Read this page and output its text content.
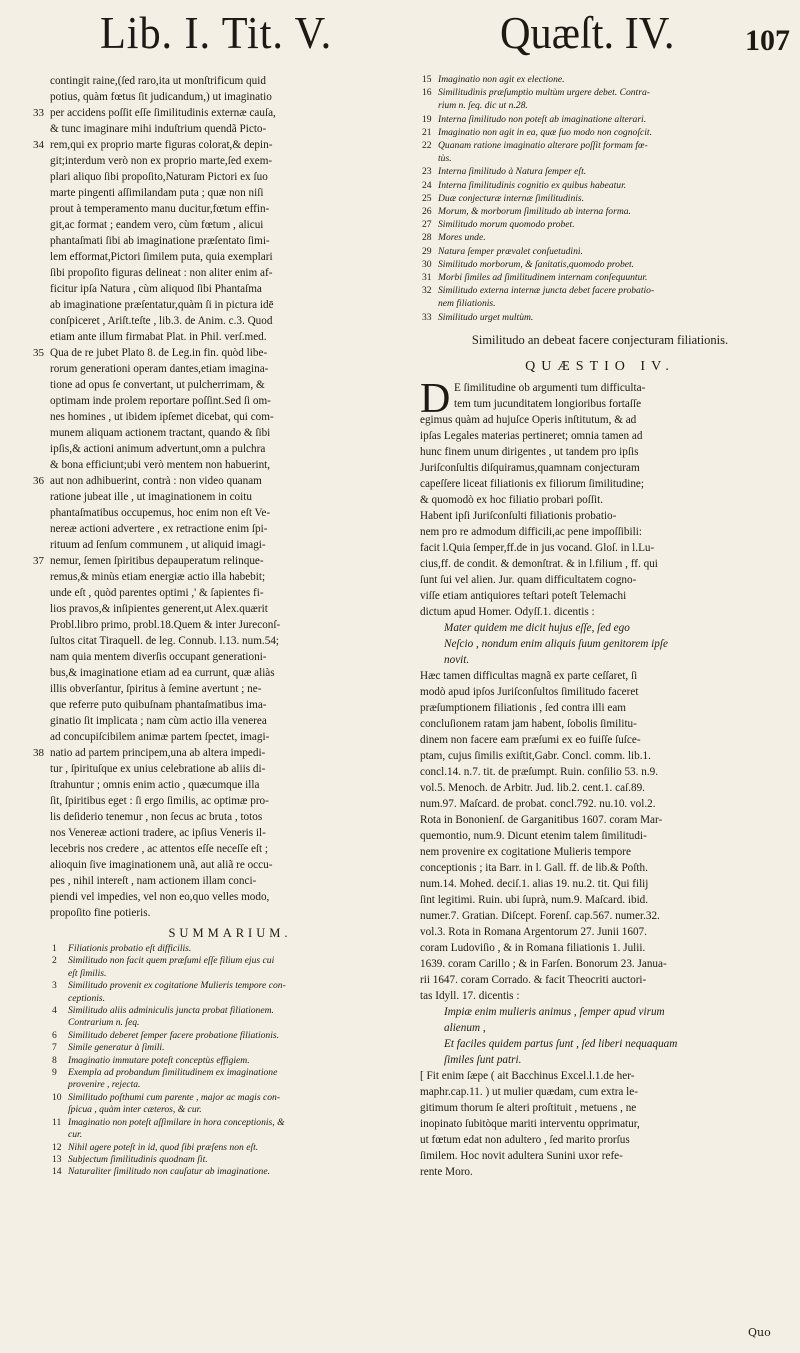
Lib. I. Tit. V.	Quæſt. IV. 107
contingit raine,(ſed raro,ita ut monſtrificum quid
potius, quàm fœtus ſit judicandum,) ut imaginatio
33 per accidens poſſit eſſe ſimilitudinis externæ cauſa,
& tunc imaginare mihi induſtrium quendã Picto-
34 rem,qui ex proprio marte figuras colorat,& depin-
git;interdum verò non ex proprio marte,ſed exem-
plari aliquo ſibi propoſito,Naturam Pictori ex ſuo
marte pingenti aſſimilandam puta ; quæ non niſi
prout à temperamento manu ducitur,fœtum effin-
git,ac format ; eandem vero, cùm fœtum , alicui
phantaſmati ſibi ab imaginatione præſentato ſimi-
lem efformat,Pictori ſimilem puta, quia exemplari
ſibi propoſito figuras delineat : non aliter enim af-
ficitur ipſa Natura , cùm aliquod ſibi Phantaſma
ab imaginatione præſentatur,quàm ſi in pictura idē
conſpiceret , Ariſt.teſte , lib.3. de Anim. c.3. Quod
etiam ante illum firmabat Plat. in Phil. verſ.med.
35 Qua de re jubet Plato 8. de Leg.in fin. quòd libe-
rorum generationi operam dantes,etiam imagina-
tione ad opus ſe convertant, ut pulcherrimam, &
optimam inde prolem reportare poſſint.Sed ſi om-
nes homines , ut ibidem ipſemet dicebat, qui com-
munem aliquam actionem tractant, quando & ſibi
ipſis,& actioni animum advertunt,omn a pulchra
& bona efficiunt;ubi verò mentem non habuerint,
36 aut non adhibuerint, contrà : non video quanam
ratione jubeat ille , ut imaginationem in coitu
phantaſmatibus occupemus, hoc enim non eſt Ve-
nereæ actioni advertere , ex retractione enim ſpi-
rituum ad ſenſum communem , ut aliquid imagi-
37 nemur, ſemen ſpiritibus depauperatum relinque-
remus,& minùs etiam energiæ actio illa habebit;
unde eſt , quòd parentes optimi ,' & ſapientes fi-
lios pravos,& inſipientes generent,ut Alex.quærit
Probl.libro primo, probl.18.Quem & inter Jureconſ-
ſultos citat Tiraquell. de leg. Connub. l.13. num.54;
nam quia mentem diverſis occupant generationi-
bus,& imaginatione etiam ad ea currunt, quæ aliàs
illis obverſantur, ſpiritus à ſemine avertunt ; ne-
que referre puto quibuſnam phantaſmatibus ima-
ginatio ſit implicata ; nam cùm actio illa venerea
ad concupiſcibilem animæ partem ſpectet, imagi-
38 natio ad partem principem,una ab altera impedi-
tur , ſpirituſque ex unius celebratione ab aliis di-
ſtrahuntur ; omnis enim actio , quæcumque illa
ſit, ſpiritibus eget : ſi ergo ſimilis, ac optimæ pro-
lis deſiderio tenemur , non ſecus ac bruta , totos
nos Venereæ actioni tradere, ac ipſius Veneris il-
lecebris nos credere , ac attentos eſſe neceſſe eſt ;
alioquin ſive imaginationem unã, aut aliã re occu-
pes , nihil intereſt , nam actionem illam conci-
piendi vel impedies, vel non eo,quo velles modo,
propoſito fine potieris.
SUMMARIUM.
1 Filiationis probatio eſt difficilis.
2 Similitudo non facit quem præſumi eſſe filium ejus cui
eſt ſimilis.
3 Similitudo provenit ex cogitatione Mulieris tempore con-
ceptionis.
4 Similitudo aliis adminiculis juncta probat filiationem.
Contrarium n. ſeq.
6 Similitudo deberet ſemper facere probatione filiationis.
7 Simile generatur à ſimili.
8 Imaginatio immutare poteſt conceptùs effigiem.
9 Exempla ad probandum ſimilitudinem ex imaginatione
provenire , rejecta.
10 Similitudo poſthumi cum parente , major ac magis con-
ſpicua , quàm inter cæteros, & cur.
11 Imaginatio non poteſt aſſimilare in hora conceptionis, &
cur.
12 Nihil agere poteſt in id, quod ſibi præſens non eſt.
13 Subjectum ſimilitudinis quodnam ſit.
14 Naturaliter ſimilitudo non cauſatur ab imaginatione.
15 Imaginatio non agit ex electione.
16 Similitudinis præſumptio multùm urgere debet. Contra-
rium n. ſeq. dic ut n.28.
19 Interna ſimilitudo non poteſt ab imaginatione alterari.
21 Imaginatio non agit in ea, quæ ſuo modo non cognoſcit.
22 Quanam ratione imaginatio alterare poſſit formam fœ-
tùs.
23 Interna ſimilitudo à Natura ſemper eſt.
24 Interna ſimilitudinis cognitio ex quibus habeatur.
25 Duæ conjecturæ internæ ſimilitudinis.
26 Morum, & morborum ſimilitudo ab interna forma.
27 Similitudo morum quomodo probet.
28 Mores unde.
29 Natura ſemper prævalet conſuetudini.
30 Similitudo morborum, & ſanitatis,quomodo probet.
31 Morbi ſimiles ad ſimilitudinem internam conſequuntur.
32 Similitudo externa internæ juncta debet facere probatio-
nem filiationis.
33 Similitudo urget multùm.
Similitudo an debeat facere conjecturam filiationis.
QUÆSTIO IV.
D E ſimilitudine ob argumenti tum difficulta-
tem tum jucunditatem longioribus fortaſſe
egimus quàm ad hujuſce Operis inſtitutum, & ad
ipſas Legales materias pertineret; omnia tamen ad
hunc finem unum dirigentes , ut tandem pro ipſis
Juriſconſultis diſquiramus,quamnam conjecturam
capeſſere liceat filiationis ex filiorum ſimilitudine;
& quomodò ex hoc filiatio probari poſſit.
Habent ipſi Juriſconſulti filiationis probatio-
nem pro re admodum difficili,ac pene impoſſibili:
facit l.Quia ſemper,ff.de in jus vocand. Gloſ. in l.Lu-
cius,ff. de condit. & demonſtrat. & in l.filium , ff. qui
ſunt ſui vel alien. Jur. quam difficultatem cogno-
viſſe etiam antiquiores teſtari poteſt Telemachi
dictum apud Homer. Odyſſ.1. dicentis :
Mater quidem me dicit hujus eſſe, ſed ego
Neſcio , nondum enim aliquis ſuum genitorem ipſe
novit.
Hæc tamen difficultas magnã ex parte ceſſaret, ſi
modò apud ipſos Juriſconſultos ſimilitudo faceret
præſumptionem filiationis , ſed contra illi eam
concluſionem ratam jam habent, ſobolis ſimilitu-
dinem non facere eam præſumi ex eo fuiſſe ſuſce-
ptam, cujus ſimilis exiſtit,Gabr. Concl. comm. lib.1.
concl.14. n.7. tit. de præſumpt. Ruin. conſilio 53. n.9.
vol.5. Menoch. de Arbitr. Jud. lib.2. cent.1. caſ.89.
num.97. Maſcard. de probat. concl.792. nu.10. vol.2.
Rota in Bononienſ. de Garganitibus 1607. coram Mar-
quemontio, num.9. Dicunt etenim talem ſimilitudi-
nem provenire ex cogitatione Mulieris tempore
conceptionis ; ita Barr. in l. Gall. ff. de lib.& Poſth.
num.14. Mohed. deciſ.1. alias 19. nu.2. tit. Qui filij
ſint legitimi. Ruin. ubi ſuprà, num.9. Maſcard. ibid.
numer.7. Gratian. Diſcept. Forenſ. cap.567. numer.32.
vol.3. Rota in Romana Argentorum 27. Junii 1607.
coram Ludoviſio , & in Romana filiationis 1. Julii.
1639. coram Carillo ; & in Farſen. Bonorum 23. Janua-
rii 1647. coram Corrado. & facit Theocriti auctori-
tas Idyll. 17. dicentis :
Impiæ enim mulieris animus , ſemper apud virum
alienum ,
Et faciles quidem partus ſunt , ſed liberi nequaquam
ſimiles ſunt patri.
[ Fit enim ſæpe ( ait Bacchinus Excel.l.1.de her-
maphr.cap.11. ) ut mulier quædam, cum extra le-
gitimum thorum ſe alteri proſtituit , metuens , ne
inopinato ſubitòque mariti interventu opprimatur,
ut fœtum edat non adultero , ſed marito prorſus
ſimilem. Hoc novit adultera Sunini uxor refe-
rente Moro.
Quo
